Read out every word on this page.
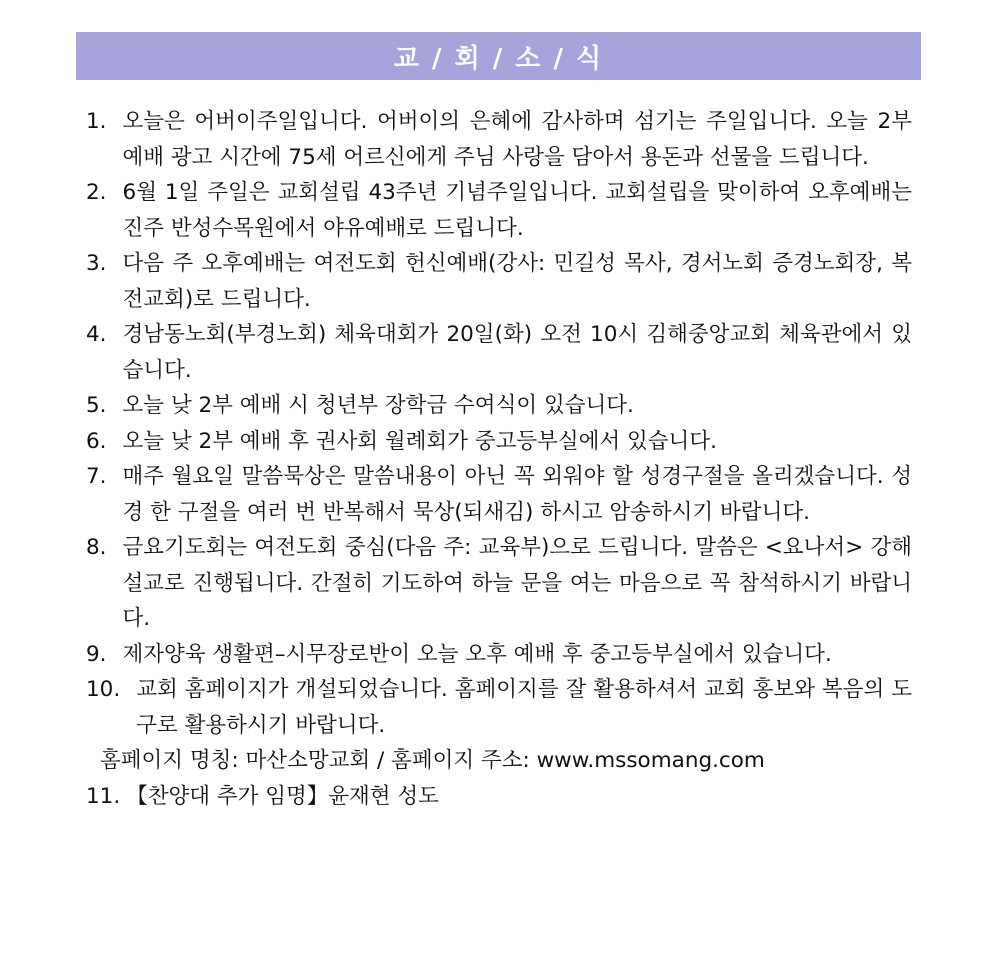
교 / 회 / 소 / 식
1. 오늘은 어버이주일입니다. 어버이의 은혜에 감사하며 섬기는 주일입니다. 오늘 2부 예배 광고 시간에 75세 어르신에게 주님 사랑을 담아서 용돈과 선물을 드립니다.
2. 6월 1일 주일은 교회설립 43주년 기념주일입니다. 교회설립을 맞이하여 오후예배는 진주 반성수목원에서 야유예배로 드립니다.
3. 다음 주 오후예배는 여전도회 헌신예배(강사: 민길성 목사, 경서노회 증경노회장, 복전교회)로 드립니다.
4. 경남동노회(부경노회) 체육대회가 20일(화) 오전 10시 김해중앙교회 체육관에서 있습니다.
5. 오늘 낮 2부 예배 시 청년부 장학금 수여식이 있습니다.
6. 오늘 낮 2부 예배 후 권사회 월례회가 중고등부실에서 있습니다.
7. 매주 월요일 말씀묵상은 말씀내용이 아닌 꼭 외워야 할 성경구절을 올리겠습니다. 성경 한 구절을 여러 번 반복해서 묵상(되새김) 하시고 암송하시기 바랍니다.
8. 금요기도회는 여전도회 중심(다음 주: 교육부)으로 드립니다. 말씀은 <요나서> 강해 설교로 진행됩니다. 간절히 기도하여 하늘 문을 여는 마음으로 꼭 참석하시기 바랍니다.
9. 제자양육 생활편–시무장로반이 오늘 오후 예배 후 중고등부실에서 있습니다.
10. 교회 홈페이지가 개설되었습니다. 홈페이지를 잘 활용하셔서 교회 홍보와 복음의 도구로 활용하시기 바랍니다.
홈페이지 명칭: 마산소망교회 / 홈페이지 주소: www.mssomang.com
11. 【찬양대 추가 임명】윤재현 성도
